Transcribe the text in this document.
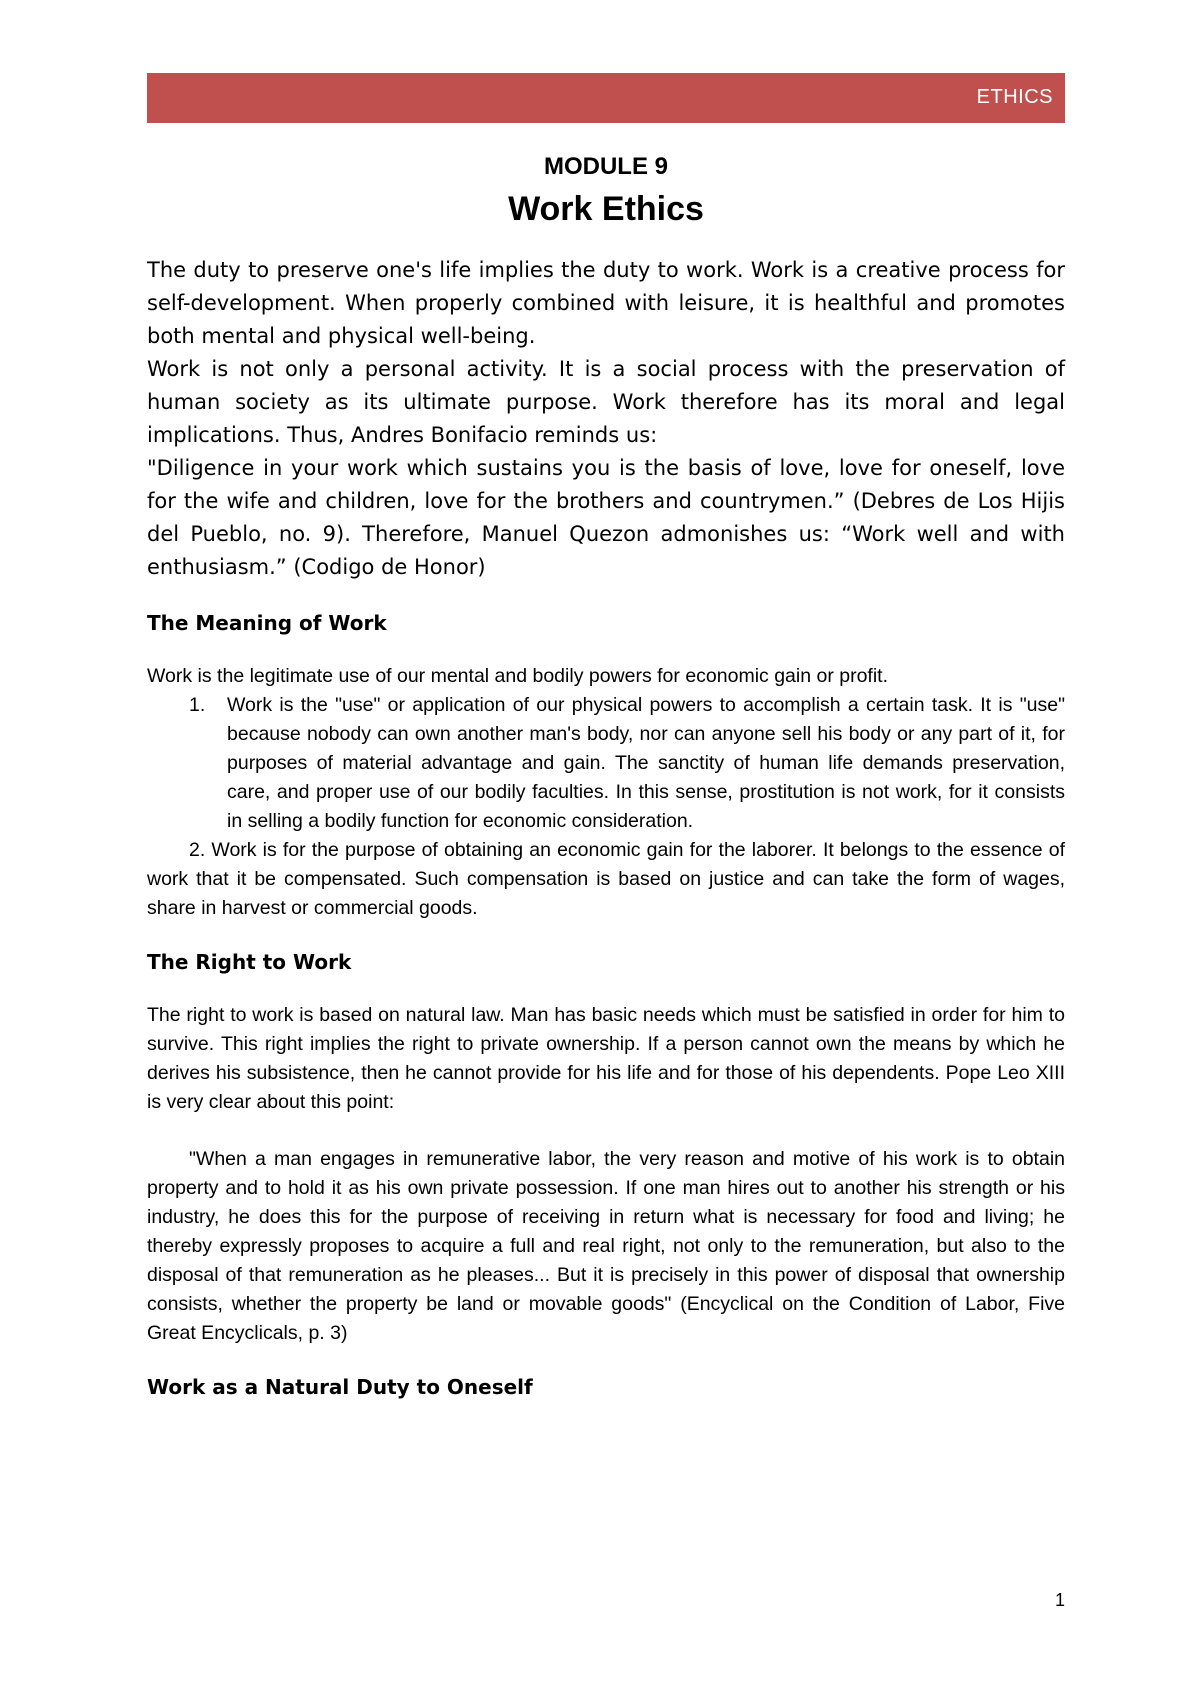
ETHICS
MODULE 9
Work Ethics

The duty to preserve one's life implies the duty to work. Work is a creative process for self-development. When properly combined with leisure, it is healthful and promotes both mental and physical well-being.

Work is not only a personal activity. It is a social process with the preservation of human society as its ultimate purpose. Work therefore has its moral and legal implications. Thus, Andres Bonifacio reminds us:

"Diligence in your work which sustains you is the basis of love, love for oneself, love for the wife and children, love for the brothers and countrymen.” (Debres de Los Hijis del Pueblo, no. 9). Therefore, Manuel Quezon admonishes us: “Work well and with enthusiasm.” (Codigo de Honor)

The Meaning of Work

Work is the legitimate use of our mental and bodily powers for economic gain or profit.

1. Work is the "use" or application of our physical powers to accomplish a certain task. It is "use" because nobody can own another man's body, nor can anyone sell his body or any part of it, for purposes of material advantage and gain. The sanctity of human life demands preservation, care, and proper use of our bodily faculties. In this sense, prostitution is not work, for it consists in selling a bodily function for economic consideration.

2. Work is for the purpose of obtaining an economic gain for the laborer. It belongs to the essence of work that it be compensated. Such compensation is based on justice and can take the form of wages, share in harvest or commercial goods.

The Right to Work

The right to work is based on natural law. Man has basic needs which must be satisfied in order for him to survive. This right implies the right to private ownership. If a person cannot own the means by which he derives his subsistence, then he cannot provide for his life and for those of his dependents. Pope Leo XIII is very clear about this point:

"When a man engages in remunerative labor, the very reason and motive of his work is to obtain property and to hold it as his own private possession. If one man hires out to another his strength or his industry, he does this for the purpose of receiving in return what is necessary for food and living; he thereby expressly proposes to acquire a full and real right, not only to the remuneration, but also to the disposal of that remuneration as he pleases... But it is precisely in this power of disposal that ownership consists, whether the property be land or movable goods" (Encyclical on the Condition of Labor, Five Great Encyclicals, p. 3)

Work as a Natural Duty to Oneself
1
